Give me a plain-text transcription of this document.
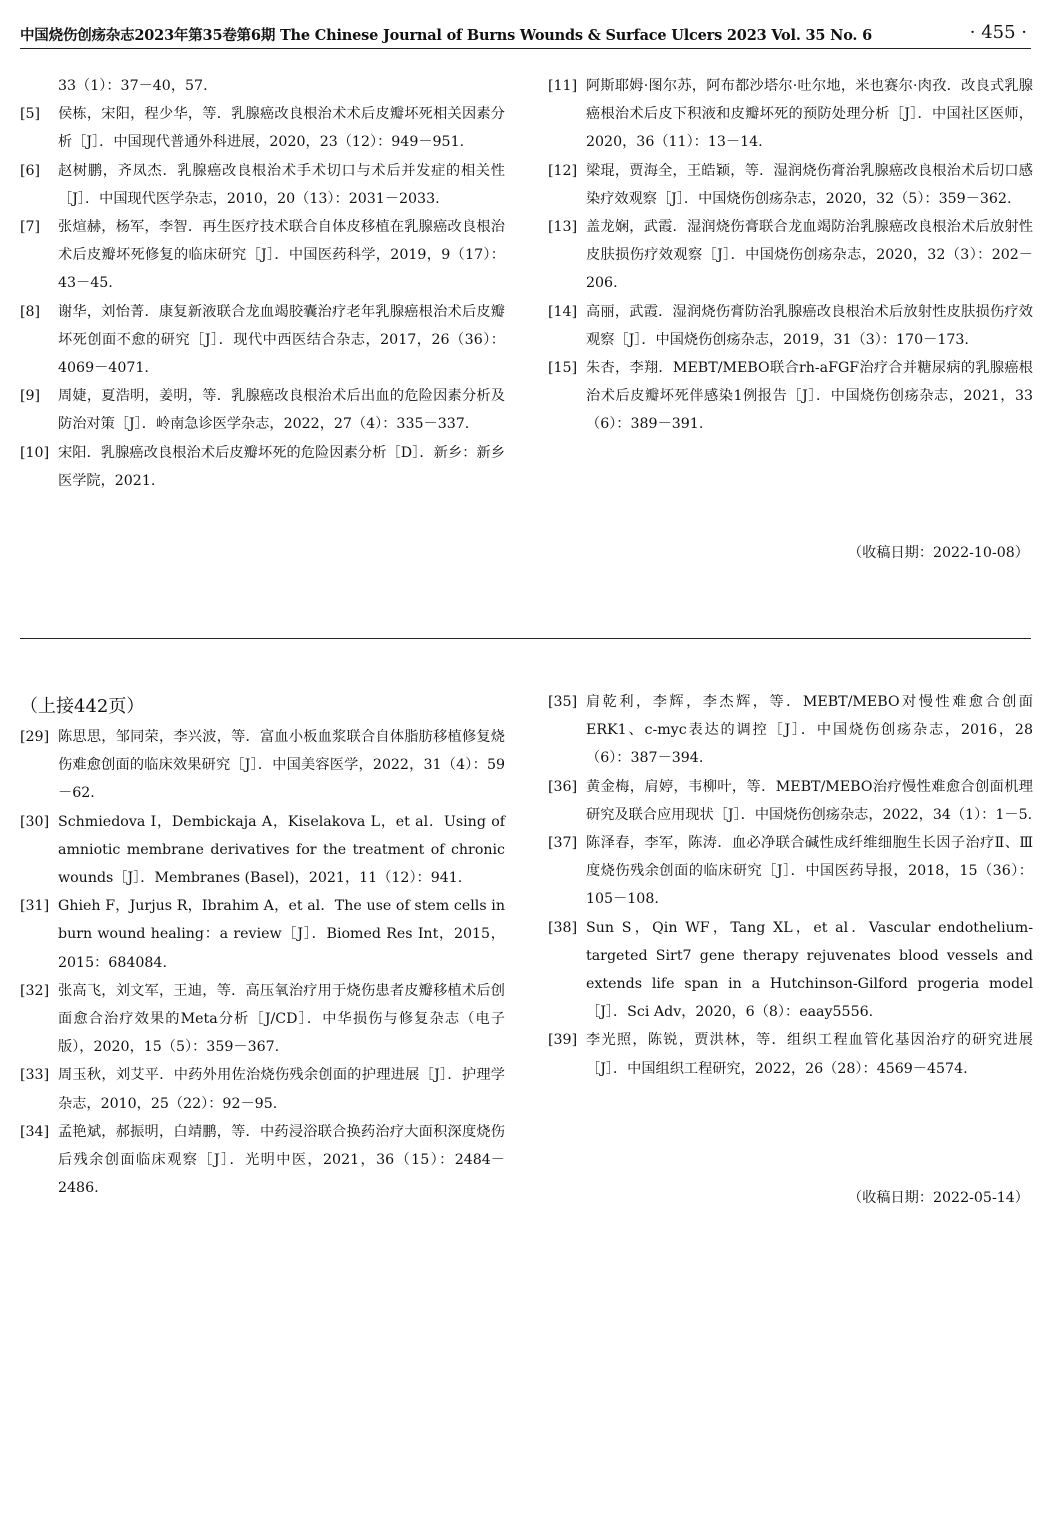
中国烧伤创疡杂志2023年第35卷第6期 The Chinese Journal of Burns Wounds & Surface Ulcers 2023 Vol. 35 No. 6	· 455 ·
33（1）：37－40，57.
[5] 侯栋，宋阳，程少华，等．乳腺癌改良根治术术后皮瓣坏死相关因素分析［J］．中国现代普通外科进展，2020，23（12）：949－951.
[6] 赵树鹏，齐凤杰．乳腺癌改良根治术手术切口与术后并发症的相关性［J］．中国现代医学杂志，2010，20（13）：2031－2033.
[7] 张煊赫，杨军，李智．再生医疗技术联合自体皮移植在乳腺癌改良根治术后皮瓣坏死修复的临床研究［J］．中国医药科学，2019，9（17）：43－45.
[8] 谢华，刘怡菁．康复新液联合龙血竭胶囊治疗老年乳腺癌根治术后皮瓣坏死创面不愈的研究［J］．现代中西医结合杂志，2017，26（36）：4069－4071.
[9] 周婕，夏浩明，姜明，等．乳腺癌改良根治术后出血的危险因素分析及防治对策［J］．岭南急诊医学杂志，2022，27（4）：335－337.
[10] 宋阳．乳腺癌改良根治术后皮瓣坏死的危险因素分析［D］．新乡：新乡医学院，2021.
[11] 阿斯耶姆·图尔苏，阿布都沙塔尔·吐尔地，米也赛尔·肉孜．改良式乳腺癌根治术后皮下积液和皮瓣坏死的预防处理分析［J］．中国社区医师，2020，36（11）：13－14.
[12] 梁琨，贾海全，王皓颖，等．湿润烧伤膏治乳腺癌改良根治术后切口感染疗效观察［J］．中国烧伤创疡杂志，2020，32（5）：359－362.
[13] 盖龙娴，武霞．湿润烧伤膏联合龙血竭防治乳腺癌改良根治术后放射性皮肤损伤疗效观察［J］．中国烧伤创疡杂志，2020，32（3）：202－206.
[14] 高丽，武霞．湿润烧伤膏防治乳腺癌改良根治术后放射性皮肤损伤疗效观察［J］．中国烧伤创疡杂志，2019，31（3）：170－173.
[15] 朱杏，李翔．MEBT/MEBO联合rh-aFGF治疗合并糖尿病的乳腺癌根治术后皮瓣坏死伴感染1例报告［J］．中国烧伤创疡杂志，2021，33（6）：389－391.
（收稿日期：2022-10-08）
（上接442页）
[29] 陈思思，邹同荣，李兴波，等．富血小板血浆联合自体脂肪移植修复烧伤难愈创面的临床效果研究［J］．中国美容医学，2022，31（4）：59－62.
[30] Schmiedova I，Dembickaja A，Kiselakova L，et al．Using of amniotic membrane derivatives for the treatment of chronic wounds［J］．Membranes (Basel)，2021，11（12）：941.
[31] Ghieh F，Jurjus R，Ibrahim A，et al．The use of stem cells in burn wound healing：a review［J］．Biomed Res Int，2015，2015：684084.
[32] 张高飞，刘文军，王迪，等．高压氧治疗用于烧伤患者皮瓣移植术后创面愈合治疗效果的Meta分析［J/CD］．中华损伤与修复杂志（电子版），2020，15（5）：359－367.
[33] 周玉秋，刘艾平．中药外用佐治烧伤残余创面的护理进展［J］．护理学杂志，2010，25（22）：92－95.
[34] 孟艳斌，郝振明，白靖鹏，等．中药浸浴联合换药治疗大面积深度烧伤后残余创面临床观察［J］．光明中医，2021，36（15）：2484－2486.
[35] 肩乾利，李辉，李杰辉，等．MEBT/MEBO对慢性难愈合创面ERK1、c-myc表达的调控［J］．中国烧伤创疡杂志，2016，28（6）：387－394.
[36] 黄金梅，肩婷，韦柳叶，等．MEBT/MEBO治疗慢性难愈合创面机理研究及联合应用现状［J］．中国烧伤创疡杂志，2022，34（1）：1－5.
[37] 陈泽春，李军，陈涛．血必净联合碱性成纤维细胞生长因子治疗Ⅱ、Ⅲ度烧伤残余创面的临床研究［J］．中国医药导报，2018，15（36）：105－108.
[38] Sun S，Qin WF，Tang XL，et al．Vascular endothelium-targeted Sirt7 gene therapy rejuvenates blood vessels and extends life span in a Hutchinson-Gilford progeria model［J］．Sci Adv，2020，6（8）：eaay5556.
[39] 李光照，陈锐，贾洪林，等．组织工程血管化基因治疗的研究进展［J］．中国组织工程研究，2022，26（28）：4569－4574.
（收稿日期：2022-05-14）
